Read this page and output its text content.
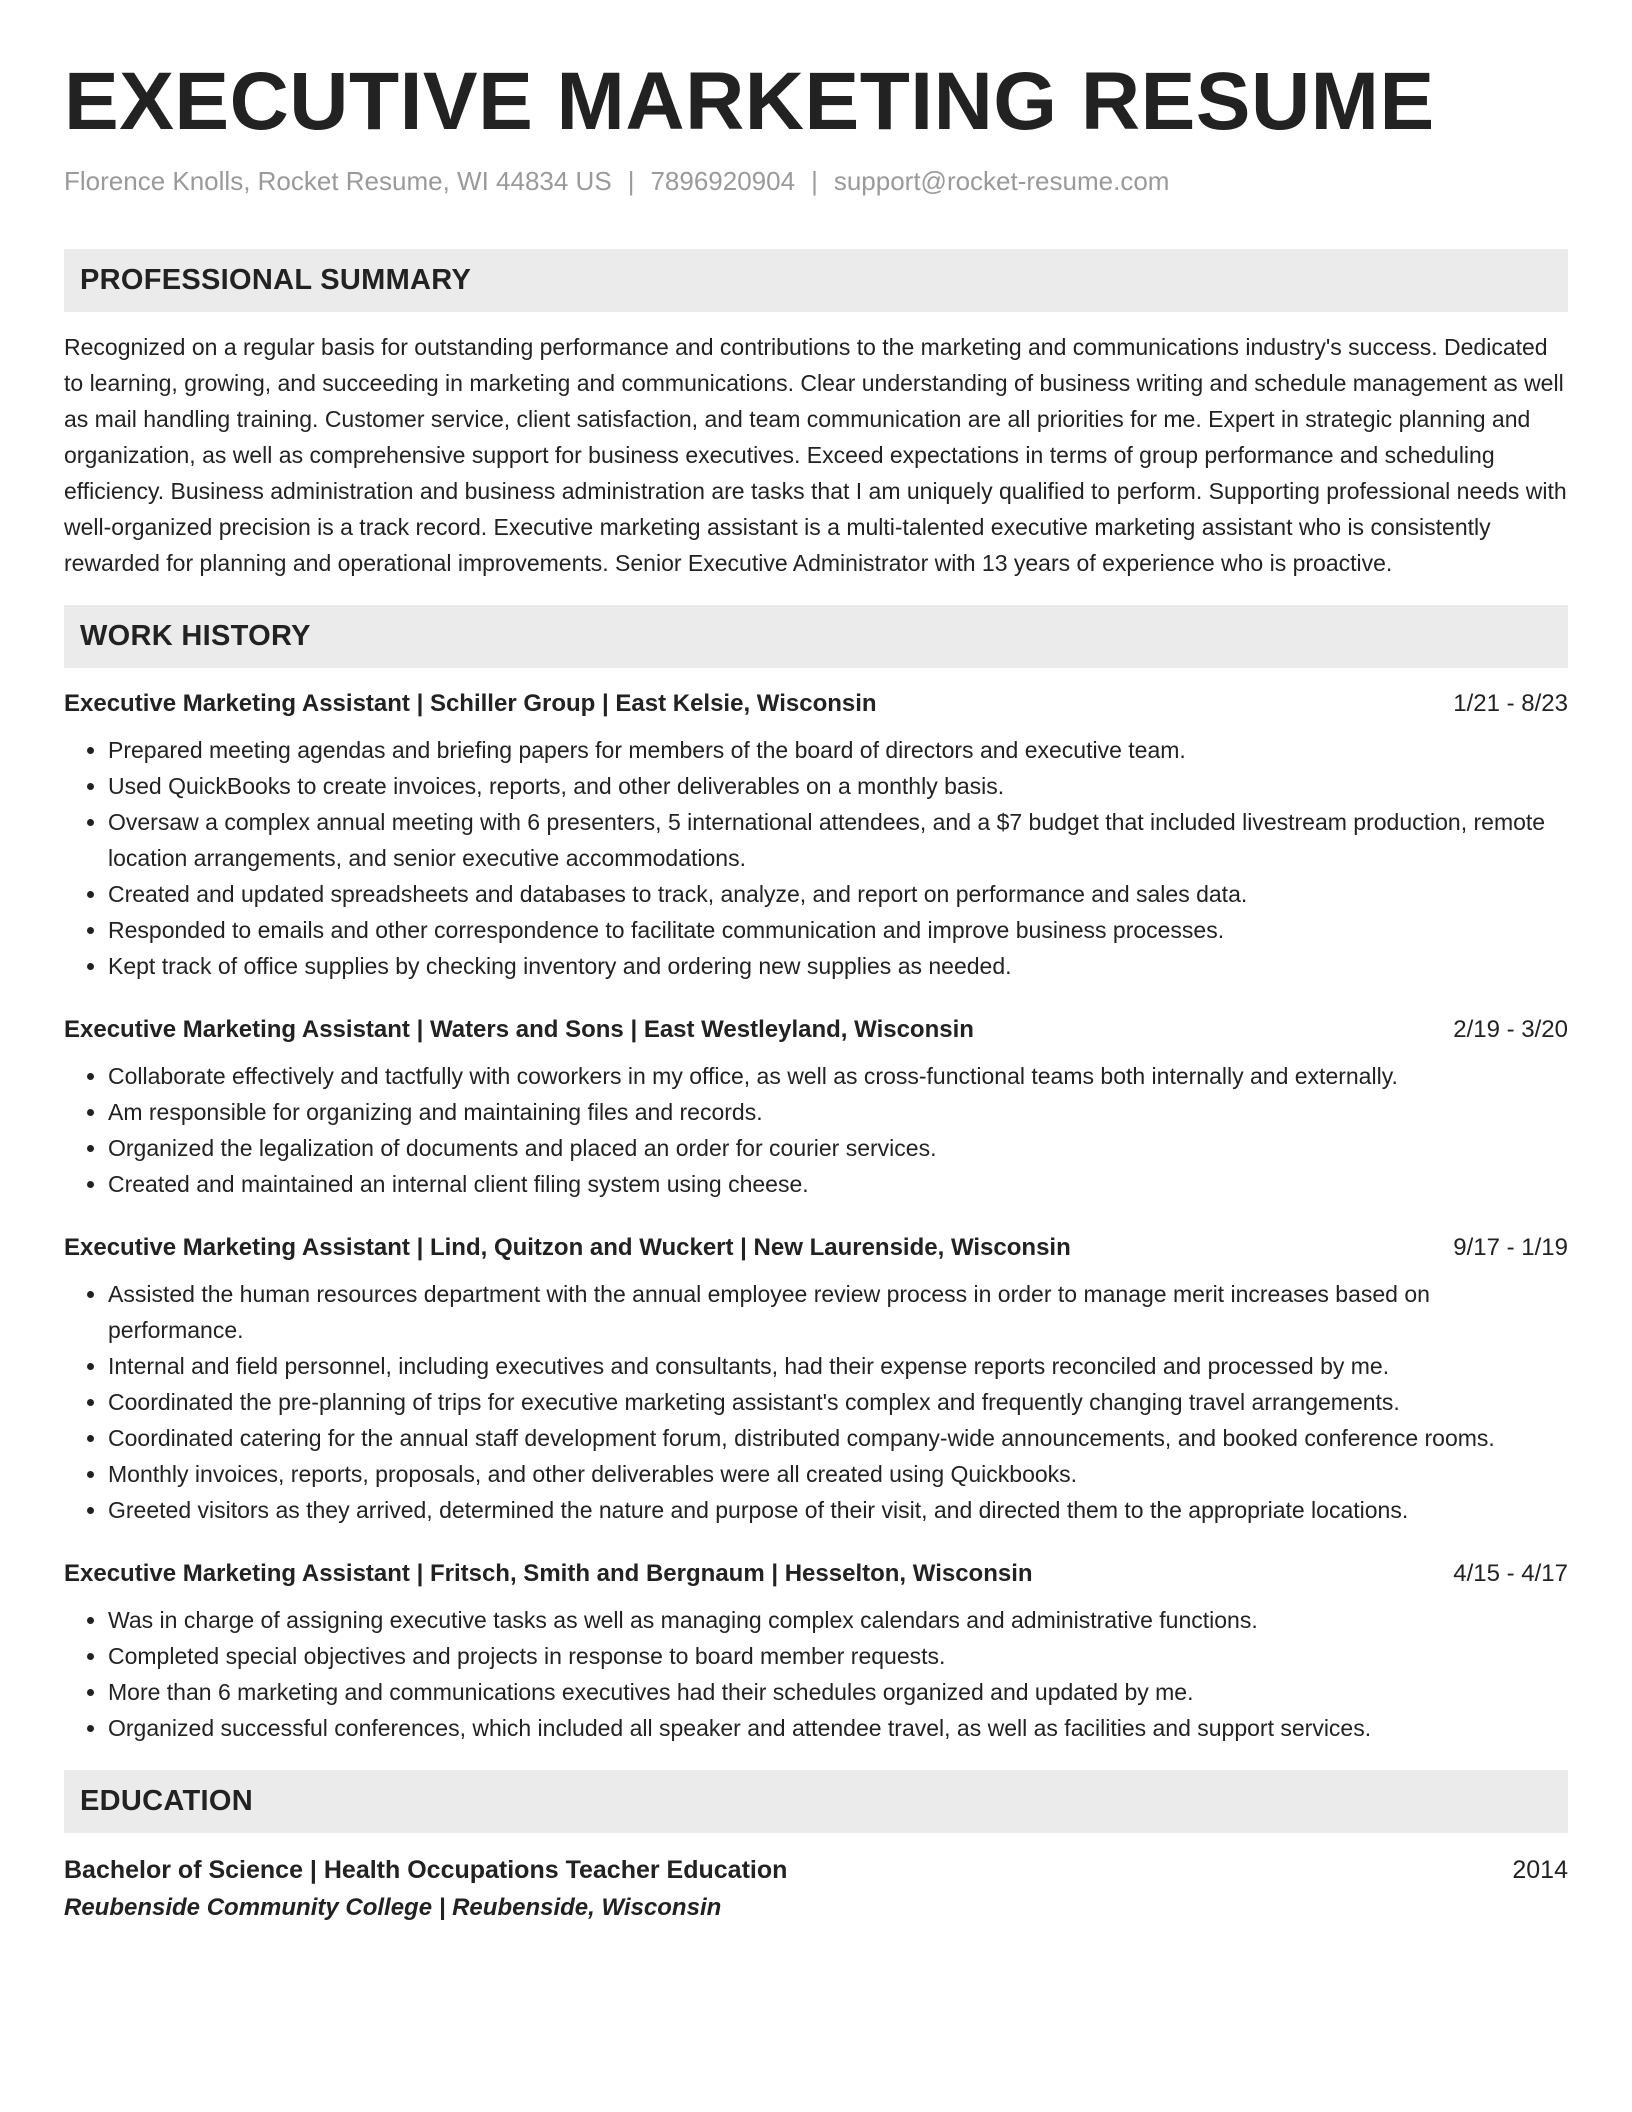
EXECUTIVE MARKETING RESUME
Florence Knolls, Rocket Resume, WI 44834 US | 7896920904 | support@rocket-resume.com
PROFESSIONAL SUMMARY
Recognized on a regular basis for outstanding performance and contributions to the marketing and communications industry's success. Dedicated to learning, growing, and succeeding in marketing and communications. Clear understanding of business writing and schedule management as well as mail handling training. Customer service, client satisfaction, and team communication are all priorities for me. Expert in strategic planning and organization, as well as comprehensive support for business executives. Exceed expectations in terms of group performance and scheduling efficiency. Business administration and business administration are tasks that I am uniquely qualified to perform. Supporting professional needs with well-organized precision is a track record. Executive marketing assistant is a multi-talented executive marketing assistant who is consistently rewarded for planning and operational improvements. Senior Executive Administrator with 13 years of experience who is proactive.
WORK HISTORY
Executive Marketing Assistant | Schiller Group | East Kelsie, Wisconsin	1/21 - 8/23
• Prepared meeting agendas and briefing papers for members of the board of directors and executive team.
• Used QuickBooks to create invoices, reports, and other deliverables on a monthly basis.
• Oversaw a complex annual meeting with 6 presenters, 5 international attendees, and a $7 budget that included livestream production, remote location arrangements, and senior executive accommodations.
• Created and updated spreadsheets and databases to track, analyze, and report on performance and sales data.
• Responded to emails and other correspondence to facilitate communication and improve business processes.
• Kept track of office supplies by checking inventory and ordering new supplies as needed.
Executive Marketing Assistant | Waters and Sons | East Westleyland, Wisconsin	2/19 - 3/20
• Collaborate effectively and tactfully with coworkers in my office, as well as cross-functional teams both internally and externally.
• Am responsible for organizing and maintaining files and records.
• Organized the legalization of documents and placed an order for courier services.
• Created and maintained an internal client filing system using cheese.
Executive Marketing Assistant | Lind, Quitzon and Wuckert | New Laurenside, Wisconsin	9/17 - 1/19
• Assisted the human resources department with the annual employee review process in order to manage merit increases based on performance.
• Internal and field personnel, including executives and consultants, had their expense reports reconciled and processed by me.
• Coordinated the pre-planning of trips for executive marketing assistant's complex and frequently changing travel arrangements.
• Coordinated catering for the annual staff development forum, distributed company-wide announcements, and booked conference rooms.
• Monthly invoices, reports, proposals, and other deliverables were all created using Quickbooks.
• Greeted visitors as they arrived, determined the nature and purpose of their visit, and directed them to the appropriate locations.
Executive Marketing Assistant | Fritsch, Smith and Bergnaum | Hesselton, Wisconsin	4/15 - 4/17
• Was in charge of assigning executive tasks as well as managing complex calendars and administrative functions.
• Completed special objectives and projects in response to board member requests.
• More than 6 marketing and communications executives had their schedules organized and updated by me.
• Organized successful conferences, which included all speaker and attendee travel, as well as facilities and support services.
EDUCATION
Bachelor of Science | Health Occupations Teacher Education	2014
Reubenside Community College | Reubenside, Wisconsin
